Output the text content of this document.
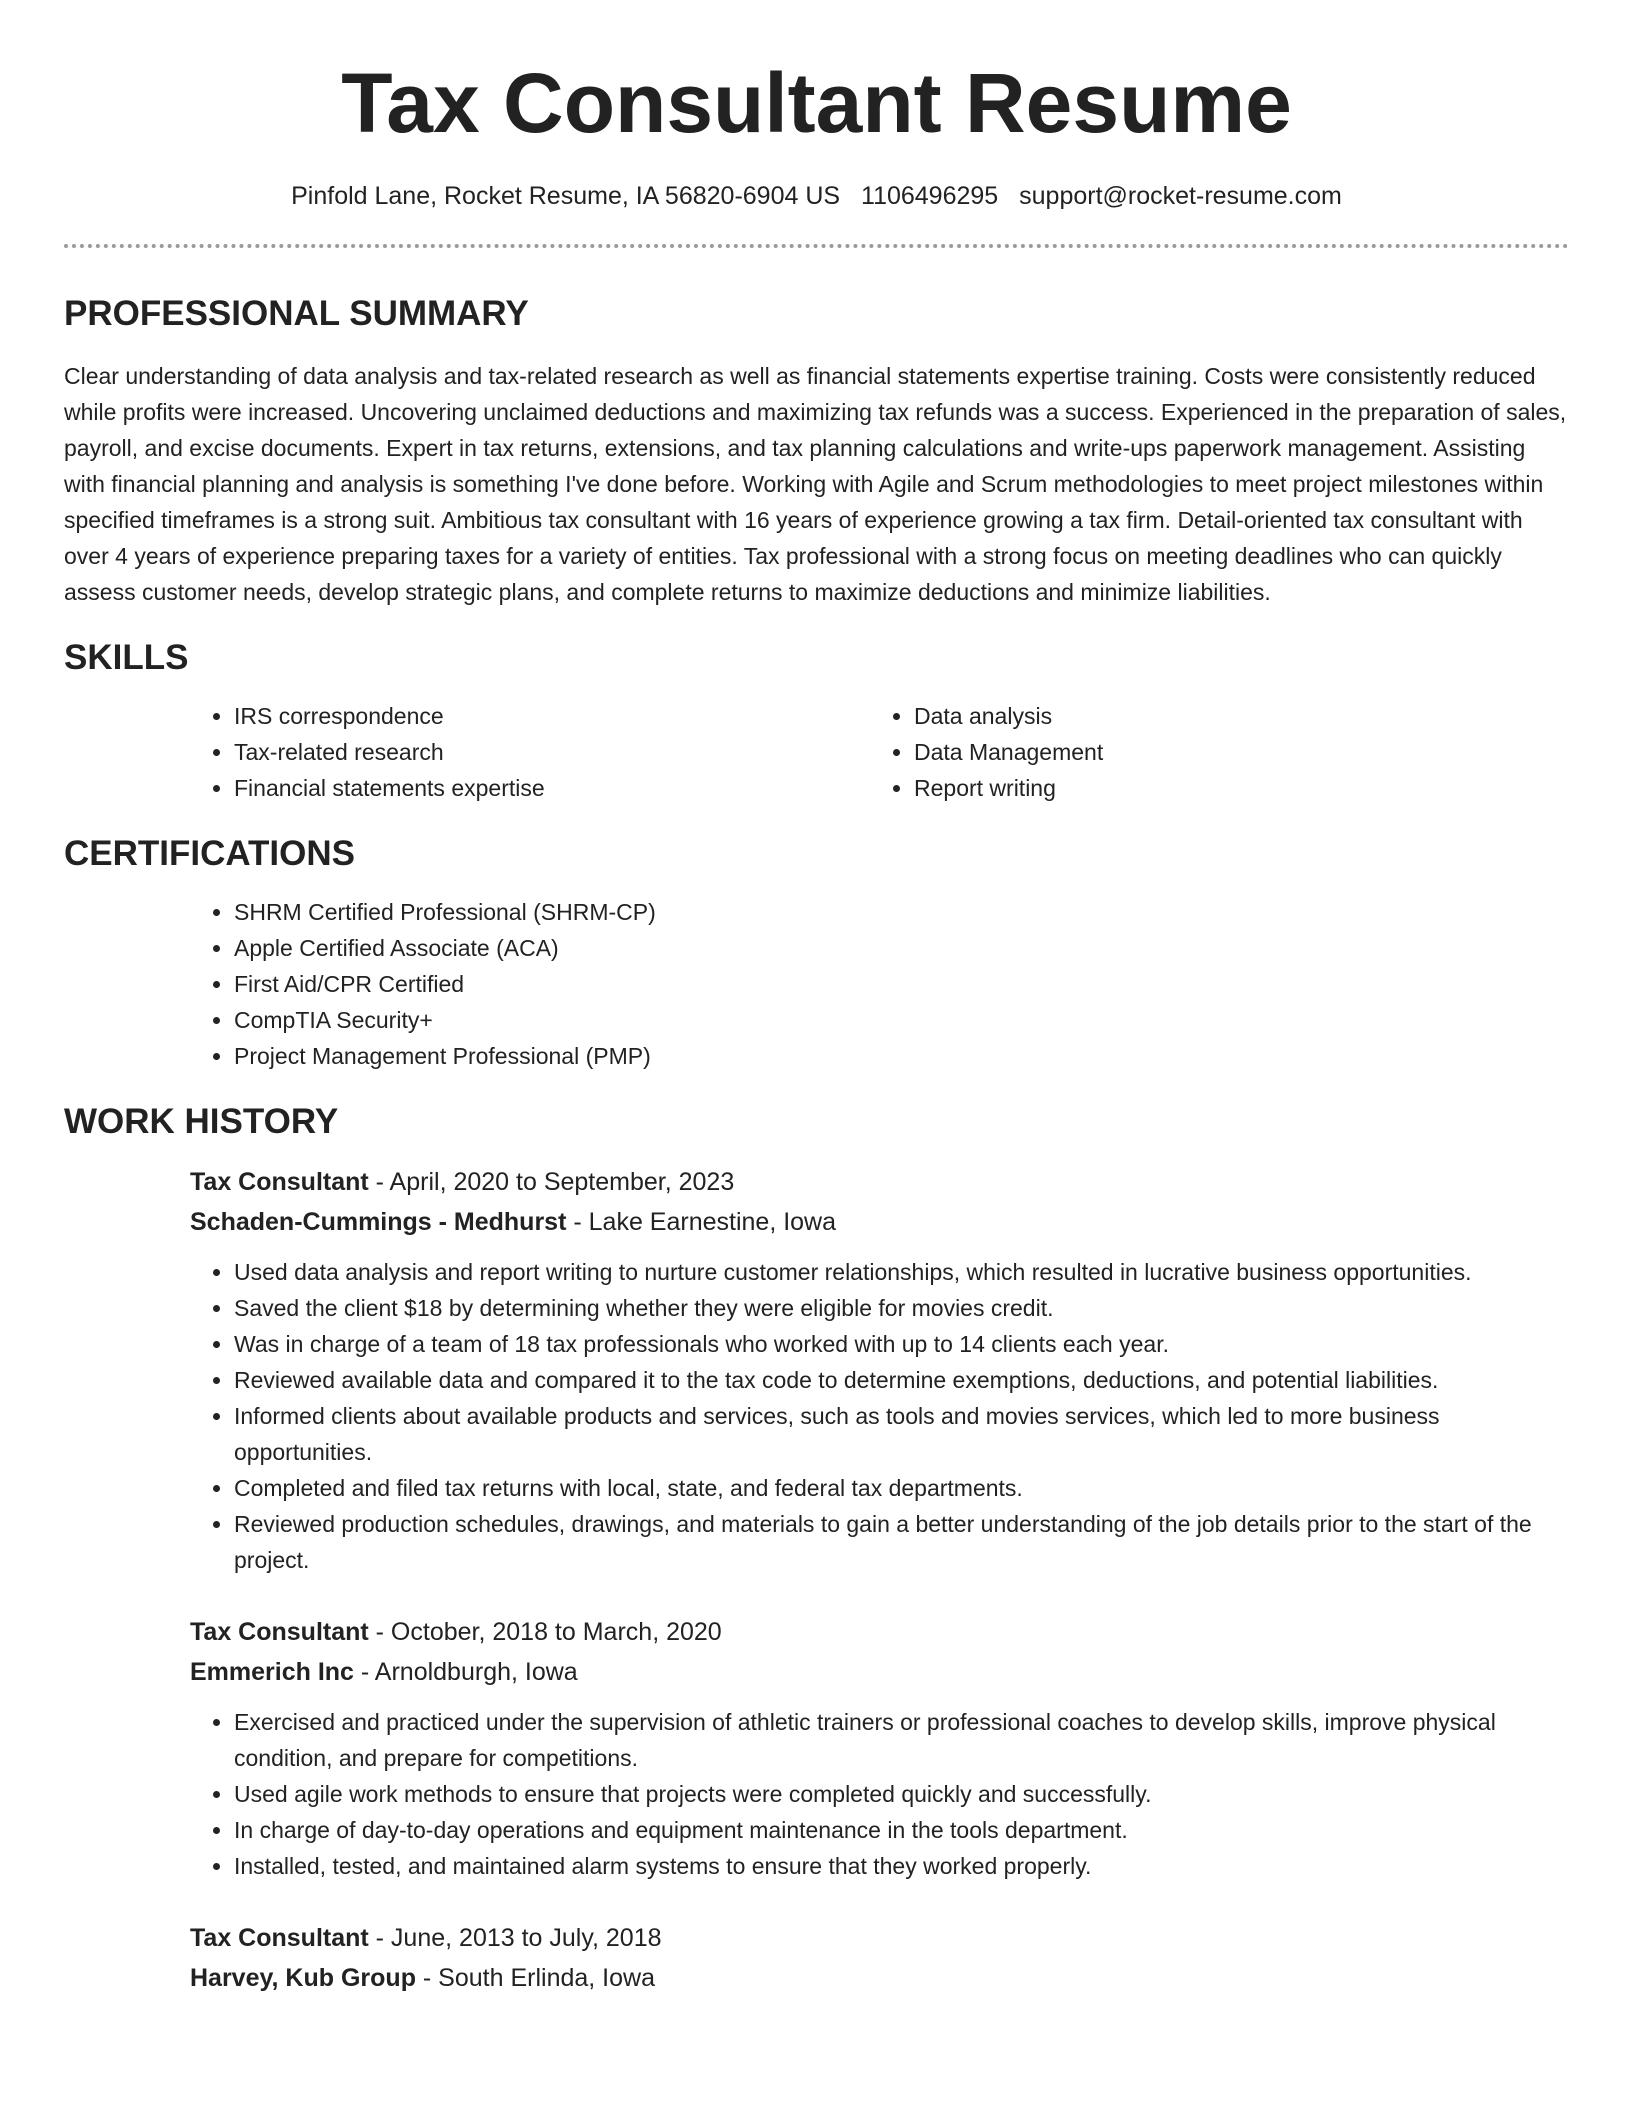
Tax Consultant Resume
Pinfold Lane, Rocket Resume, IA 56820-6904 US 1106496295 support@rocket-resume.com
PROFESSIONAL SUMMARY

Clear understanding of data analysis and tax-related research as well as financial statements expertise training. Costs were consistently reduced while profits were increased. Uncovering unclaimed deductions and maximizing tax refunds was a success. Experienced in the preparation of sales, payroll, and excise documents. Expert in tax returns, extensions, and tax planning calculations and write-ups paperwork management. Assisting with financial planning and analysis is something I've done before. Working with Agile and Scrum methodologies to meet project milestones within specified timeframes is a strong suit. Ambitious tax consultant with 16 years of experience growing a tax firm. Detail-oriented tax consultant with over 4 years of experience preparing taxes for a variety of entities. Tax professional with a strong focus on meeting deadlines who can quickly assess customer needs, develop strategic plans, and complete returns to maximize deductions and minimize liabilities.

SKILLS
• IRS correspondence
• Tax-related research
• Financial statements expertise
• Data analysis
• Data Management
• Report writing
CERTIFICATIONS
• SHRM Certified Professional (SHRM-CP)
• Apple Certified Associate (ACA)
• First Aid/CPR Certified
• CompTIA Security+
• Project Management Professional (PMP)
WORK HISTORY

Tax Consultant - April, 2020 to September, 2023

Schaden-Cummings - Medhurst - Lake Earnestine, Iowa

• Used data analysis and report writing to nurture customer relationships, which resulted in lucrative business opportunities.
• Saved the client $18 by determining whether they were eligible for movies credit.
• Was in charge of a team of 18 tax professionals who worked with up to 14 clients each year.
• Reviewed available data and compared it to the tax code to determine exemptions, deductions, and potential liabilities.
• Informed clients about available products and services, such as tools and movies services, which led to more business opportunities.
• Completed and filed tax returns with local, state, and federal tax departments.
• Reviewed production schedules, drawings, and materials to gain a better understanding of the job details prior to the start of the project.

Tax Consultant - October, 2018 to March, 2020

Emmerich Inc - Arnoldburgh, Iowa

• Exercised and practiced under the supervision of athletic trainers or professional coaches to develop skills, improve physical condition, and prepare for competitions.
• Used agile work methods to ensure that projects were completed quickly and successfully.
• In charge of day-to-day operations and equipment maintenance in the tools department.
• Installed, tested, and maintained alarm systems to ensure that they worked properly.

Tax Consultant - June, 2013 to July, 2018

Harvey, Kub Group - South Erlinda, Iowa
